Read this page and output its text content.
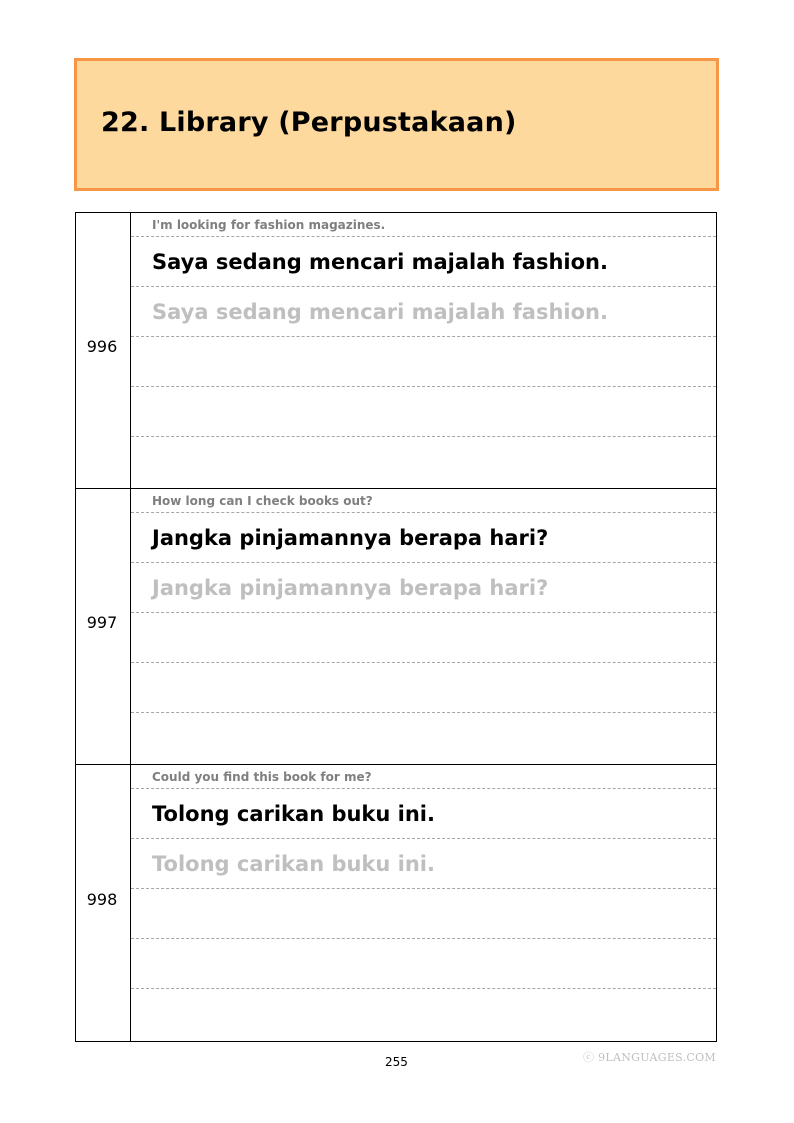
22. Library (Perpustakaan)
996
I'm looking for fashion magazines.
Saya sedang mencari majalah fashion.
Saya sedang mencari majalah fashion.
997
How long can I check books out?
Jangka pinjamannya berapa hari?
Jangka pinjamannya berapa hari?
998
Could you find this book for me?
Tolong carikan buku ini.
Tolong carikan buku ini.
255	ⓒ 9LANGUAGES.COM
